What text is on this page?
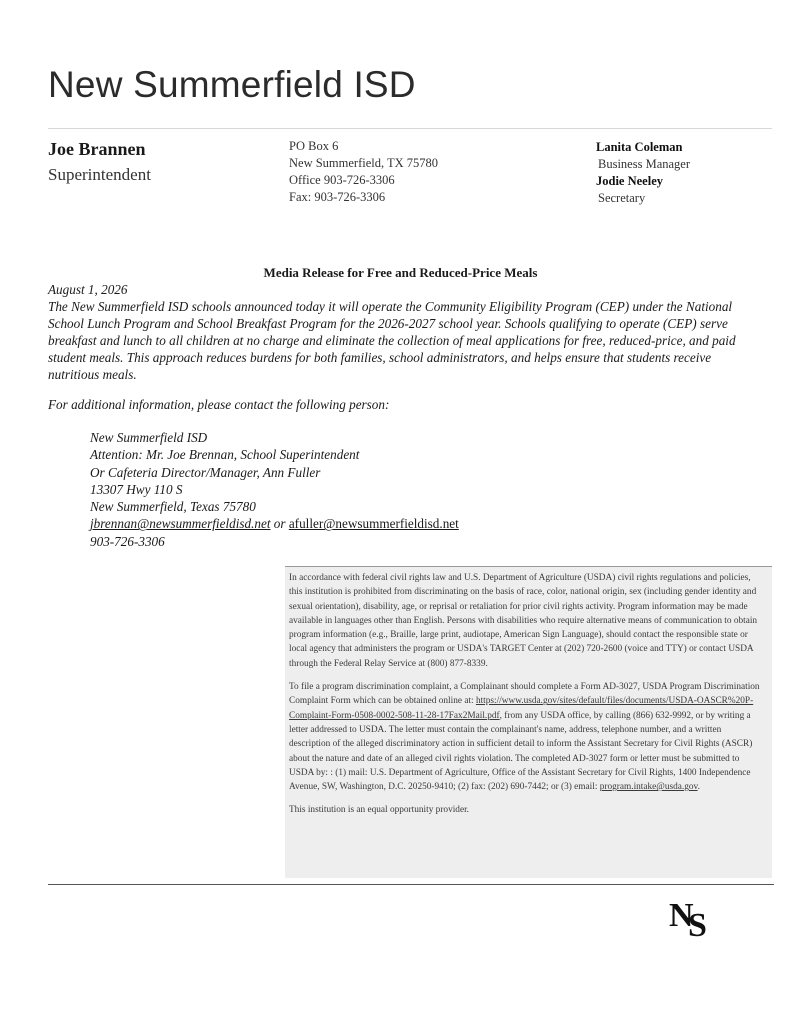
New Summerfield ISD
Joe Brannen
Superintendent
PO Box 6
New Summerfield, TX 75780
Office 903-726-3306
Fax: 903-726-3306
Lanita Coleman
Business Manager
Jodie Neeley
Secretary
Media Release for Free and Reduced-Price Meals

August 1, 2026

The New Summerfield ISD schools announced today it will operate the Community Eligibility Program (CEP) under the National School Lunch Program and School Breakfast Program for the 2026-2027 school year. Schools qualifying to operate (CEP) serve breakfast and lunch to all children at no charge and eliminate the collection of meal applications for free, reduced-price, and paid student meals. This approach reduces burdens for both families, school administrators, and helps ensure that students receive nutritious meals.

For additional information, please contact the following person:
New Summerfield ISD
Attention: Mr. Joe Brennan, School Superintendent
Or Cafeteria Director/Manager, Ann Fuller
13307 Hwy 110 S
New Summerfield, Texas 75780
jbrennan@newsummerfieldisd.net or afuller@newsummerfieldisd.net
903-726-3306

In accordance with federal civil rights law and U.S. Department of Agriculture (USDA) civil rights regulations and policies, this institution is prohibited from discriminating on the basis of race, color, national origin, sex (including gender identity and sexual orientation), disability, age, or reprisal or retaliation for prior civil rights activity. Program information may be made available in languages other than English. Persons with disabilities who require alternative means of communication to obtain program information (e.g., Braille, large print, audiotape, American Sign Language), should contact the responsible state or local agency that administers the program or USDA's TARGET Center at (202) 720-2600 (voice and TTY) or contact USDA through the Federal Relay Service at (800) 877-8339.

To file a program discrimination complaint, a Complainant should complete a Form AD-3027, USDA Program Discrimination Complaint Form which can be obtained online at: https://www.usda.gov/sites/default/files/documents/USDA-OASCR%20P-Complaint-Form-0508-0002-508-11-28-17Fax2Mail.pdf, from any USDA office, by calling (866) 632-9992, or by writing a letter addressed to USDA. The letter must contain the complainant's name, address, telephone number, and a written description of the alleged discriminatory action in sufficient detail to inform the Assistant Secretary for Civil Rights (ASCR) about the nature and date of an alleged civil rights violation. The completed AD-3027 form or letter must be submitted to USDA by: : (1) mail: U.S. Department of Agriculture, Office of the Assistant Secretary for Civil Rights, 1400 Independence Avenue, SW, Washington, D.C. 20250-9410; (2) fax: (202) 690-7442; or (3) email: program.intake@usda.gov.

This institution is an equal opportunity provider.

N
S
